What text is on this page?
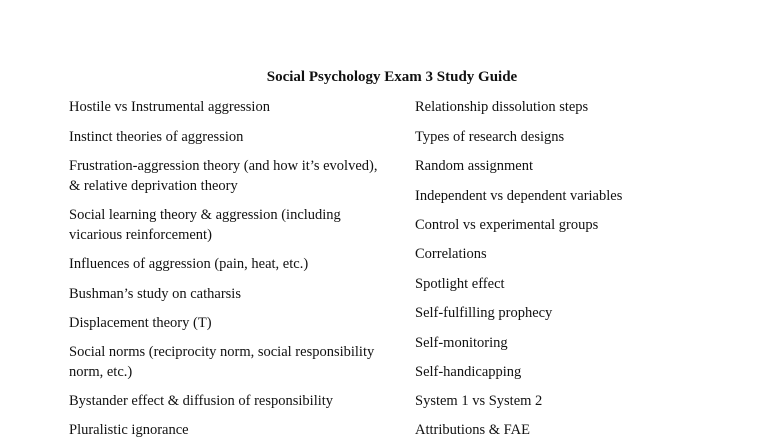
Social Psychology Exam 3 Study Guide
Hostile vs Instrumental aggression
Instinct theories of aggression
Frustration-aggression theory (and how it’s evolved), & relative deprivation theory
Social learning theory & aggression (including vicarious reinforcement)
Influences of aggression (pain, heat, etc.)
Bushman’s study on catharsis
Displacement theory (T)
Social norms (reciprocity norm, social responsibility norm, etc.)
Bystander effect & diffusion of responsibility
Pluralistic ignorance
Relationship dissolution steps
Types of research designs
Random assignment
Independent vs dependent variables
Control vs experimental groups
Correlations
Spotlight effect
Self-fulfilling prophecy
Self-monitoring
Self-handicapping
System 1 vs System 2
Attributions & FAE
